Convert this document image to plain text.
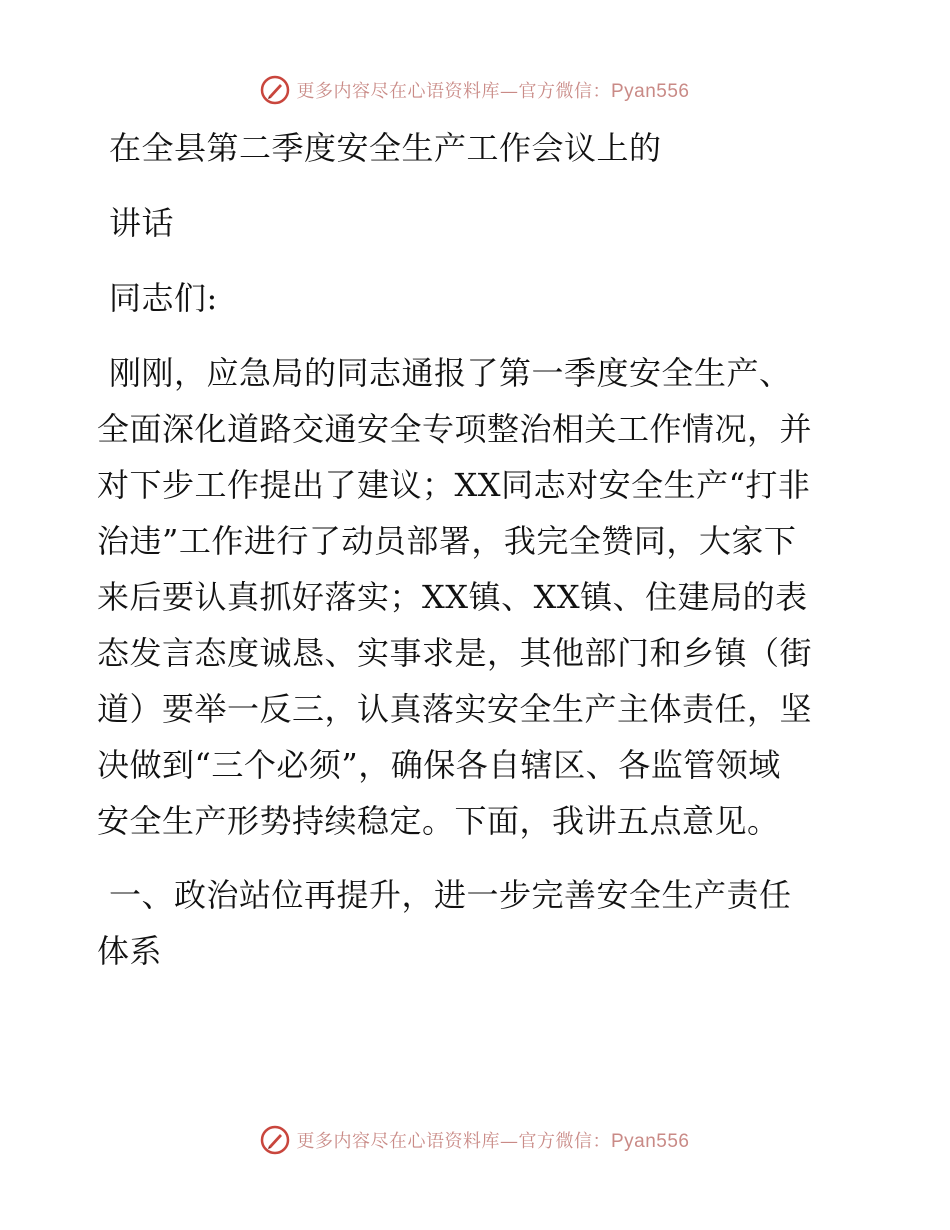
更多内容尽在心语资料库—官方微信：Pyan556
在全县第二季度安全生产工作会议上的
讲话
同志们:
刚刚，应急局的同志通报了第一季度安全生产、
全面深化道路交通安全专项整治相关工作情况，并
对下步工作提出了建议；XX同志对安全生产“打非
治违”工作进行了动员部署，我完全赞同，大家下
来后要认真抓好落实；XX镇、XX镇、住建局的表
态发言态度诚恳、实事求是，其他部门和乡镇（街
道）要举一反三，认真落实安全生产主体责任，坚
决做到“三个必须”，确保各自辖区、各监管领域
安全生产形势持续稳定。下面，我讲五点意见。
一、政治站位再提升，进一步完善安全生产责任
体系
更多内容尽在心语资料库—官方微信：Pyan556
